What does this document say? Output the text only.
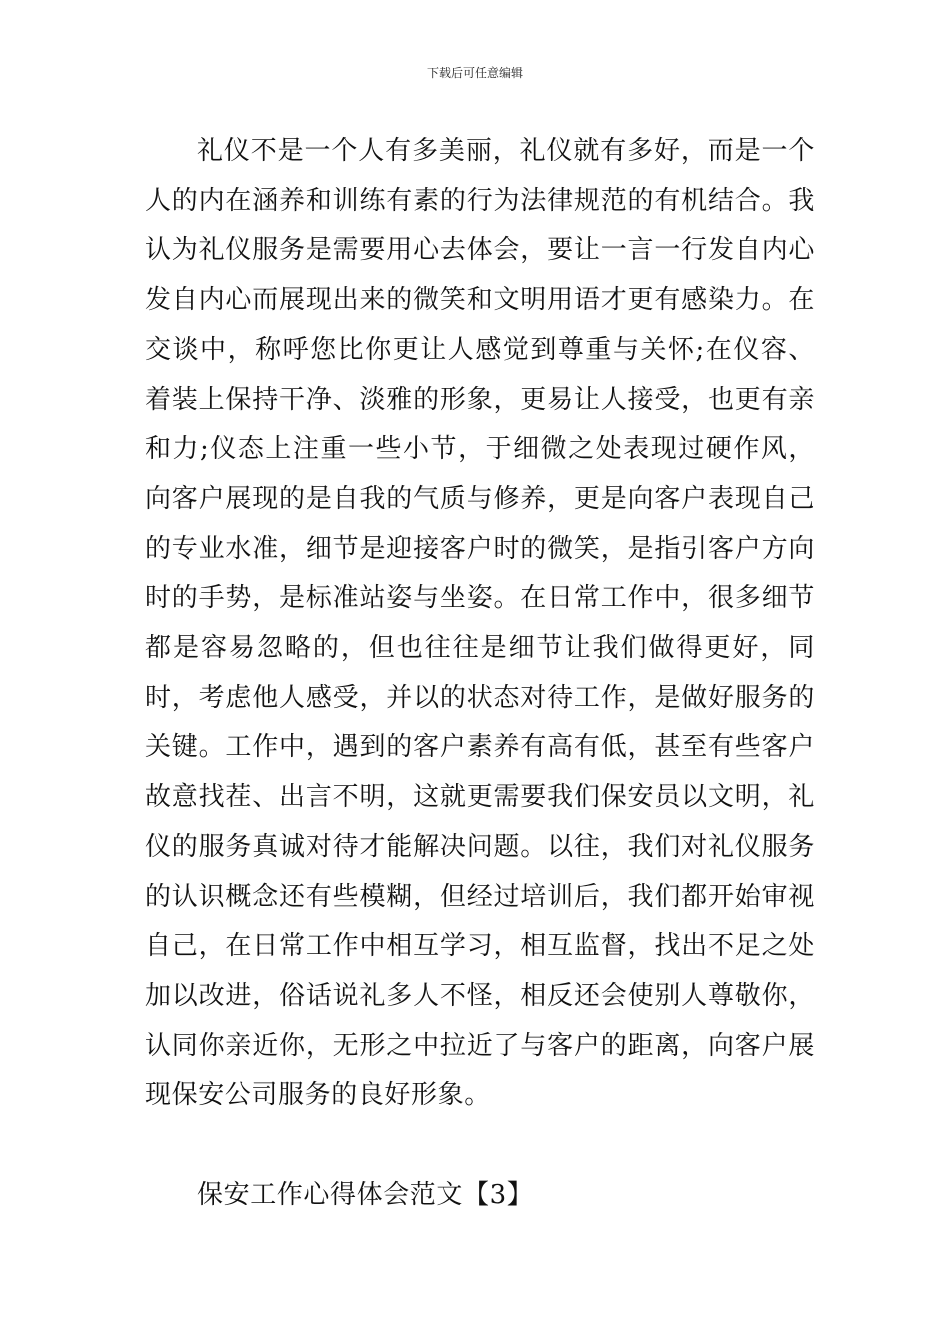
下载后可任意编辑

礼仪不是一个人有多美丽，礼仪就有多好，而是一个人的内在涵养和训练有素的行为法律规范的有机结合。我认为礼仪服务是需要用心去体会，要让一言一行发自内心发自内心而展现出来的微笑和文明用语才更有感染力。在交谈中，称呼您比你更让人感觉到尊重与关怀;在仪容、着装上保持干净、淡雅的形象，更易让人接受，也更有亲和力;仪态上注重一些小节，于细微之处表现过硬作风，向客户展现的是自我的气质与修养，更是向客户表现自己的专业水准，细节是迎接客户时的微笑，是指引客户方向时的手势，是标准站姿与坐姿。在日常工作中，很多细节都是容易忽略的，但也往往是细节让我们做得更好，同时，考虑他人感受，并以的状态对待工作，是做好服务的关键。工作中，遇到的客户素养有高有低，甚至有些客户故意找茬、出言不明，这就更需要我们保安员以文明，礼仪的服务真诚对待才能解决问题。以往，我们对礼仪服务的认识概念还有些模糊，但经过培训后，我们都开始审视自己，在日常工作中相互学习，相互监督，找出不足之处加以改进，俗话说礼多人不怪，相反还会使别人尊敬你，认同你亲近你，无形之中拉近了与客户的距离，向客户展现保安公司服务的良好形象。

保安工作心得体会范文【3】
